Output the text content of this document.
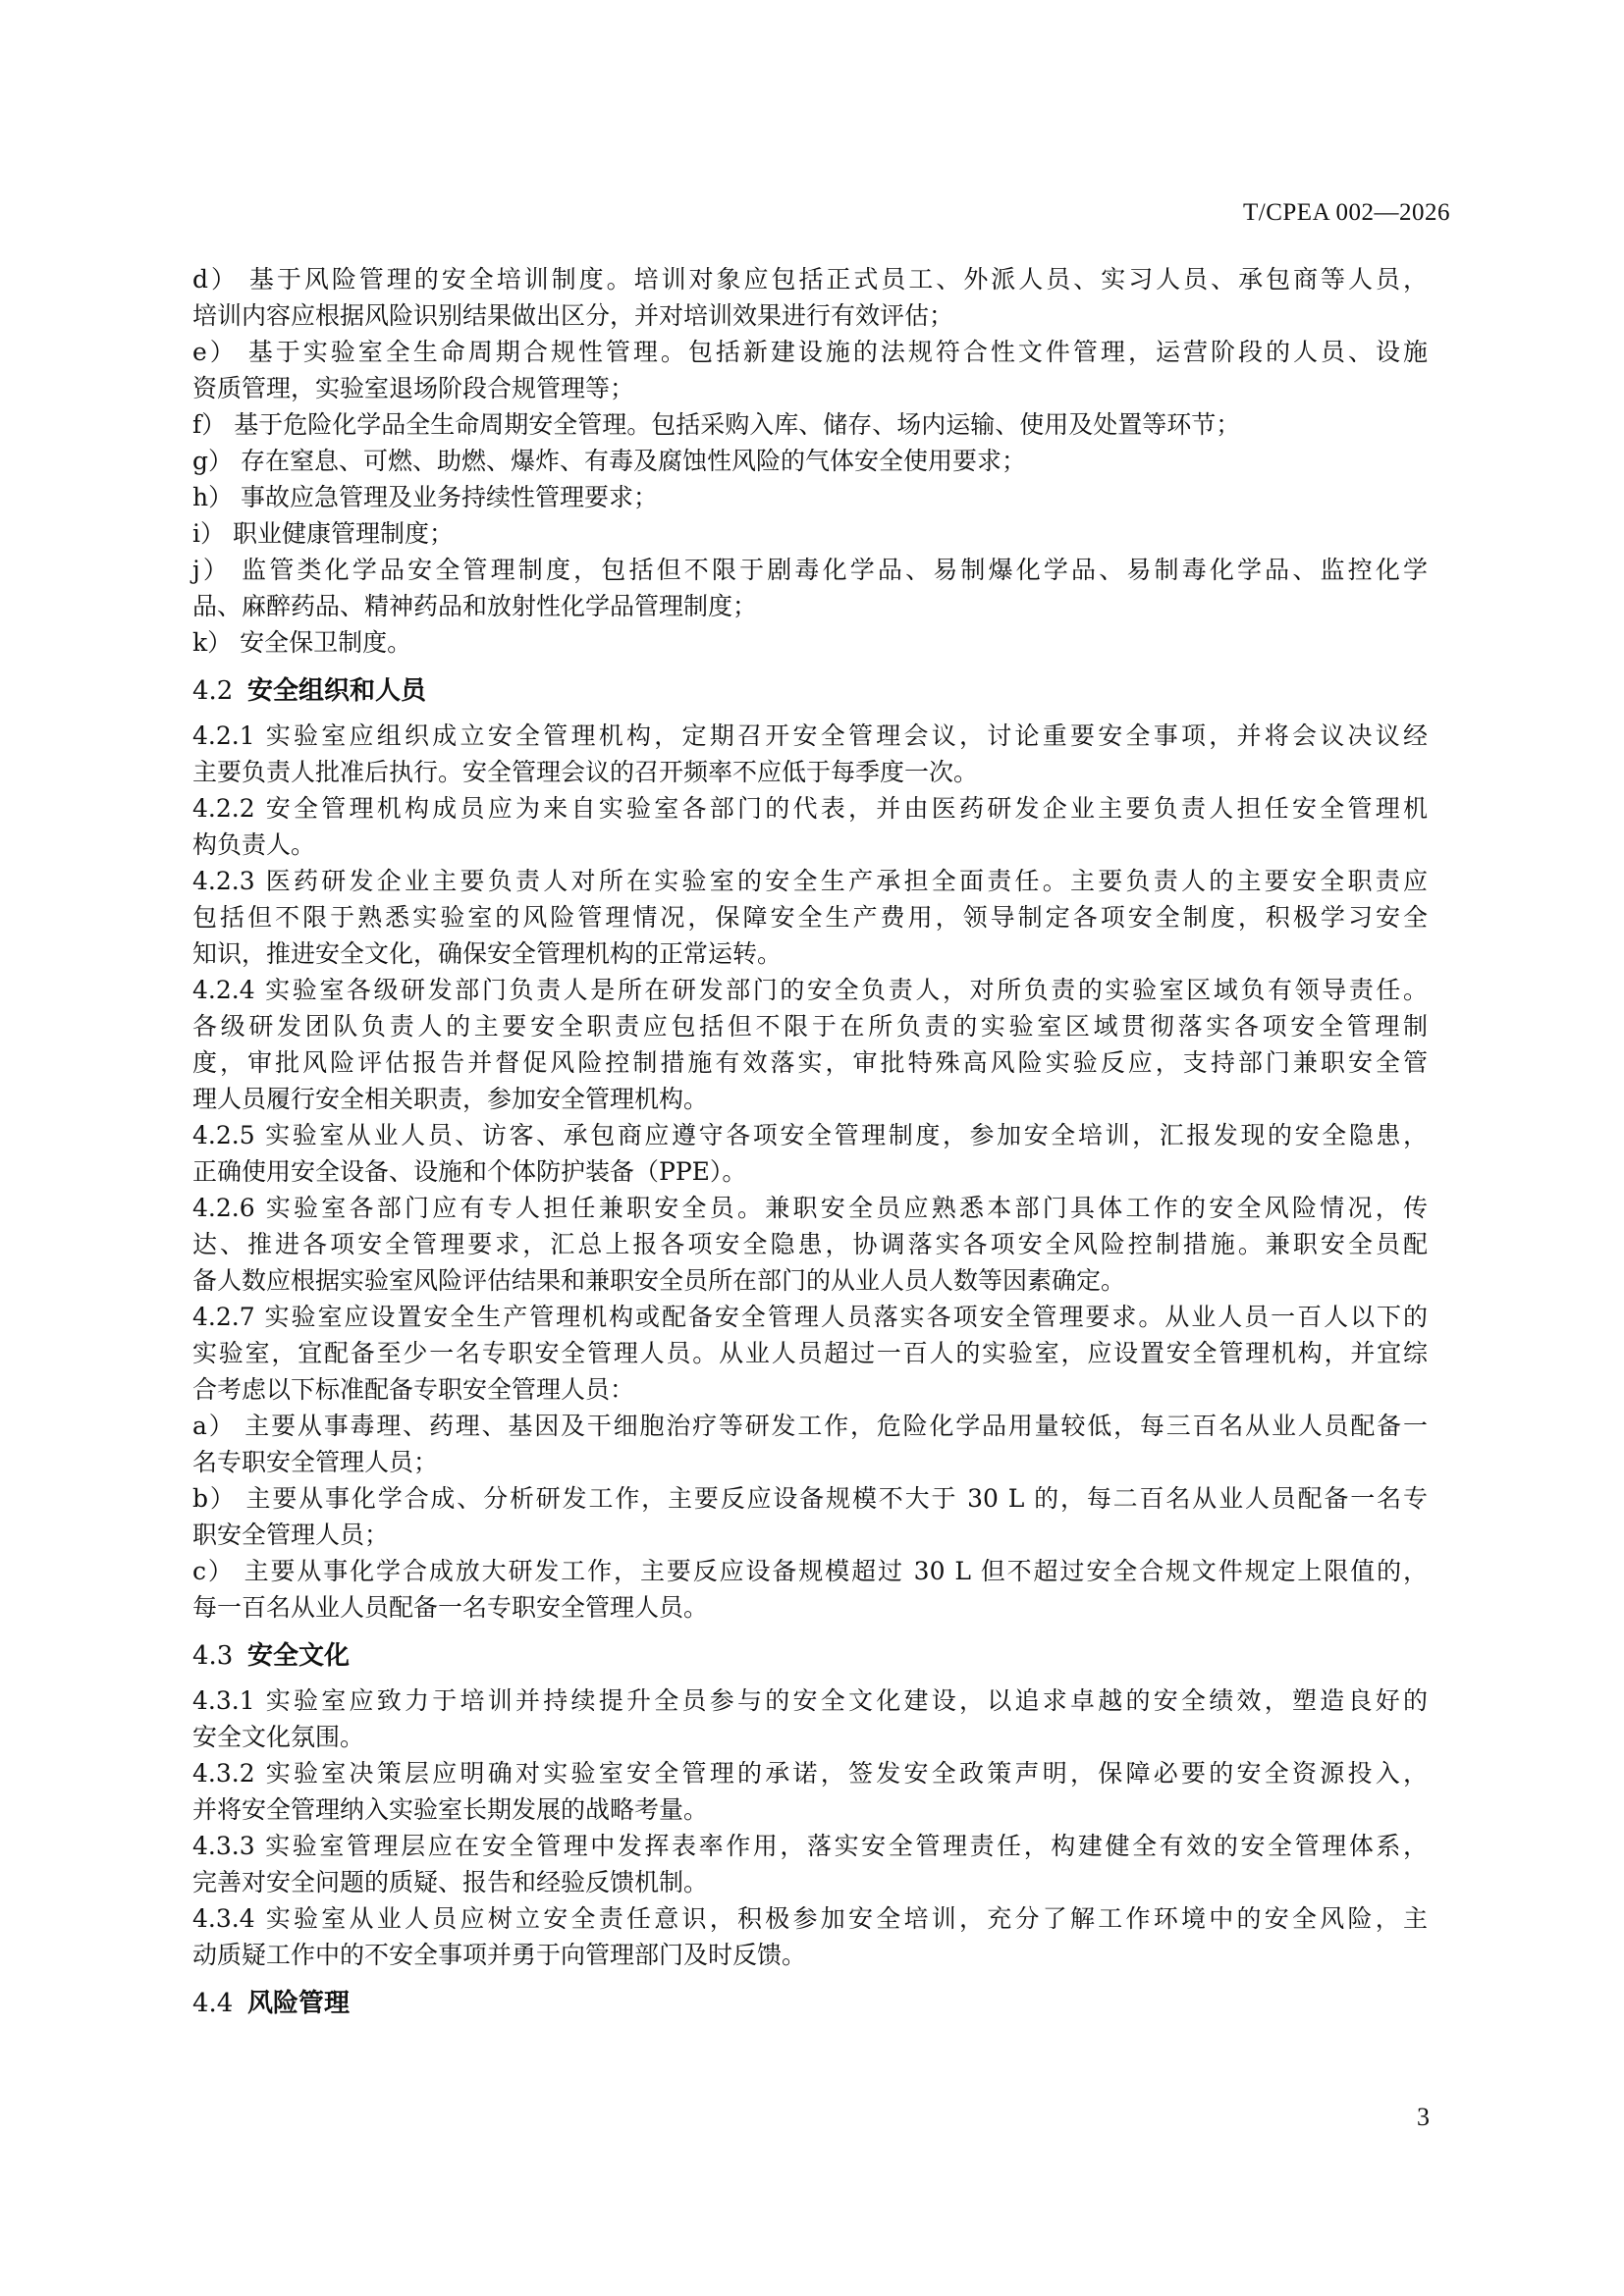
T/CPEA 002—2026

d） 基于风险管理的安全培训制度。培训对象应包括正式员工、外派人员、实习人员、承包商等人员，

培训内容应根据风险识别结果做出区分，并对培训效果进行有效评估；

e） 基于实验室全生命周期合规性管理。包括新建设施的法规符合性文件管理，运营阶段的人员、设施

资质管理，实验室退场阶段合规管理等；

f） 基于危险化学品全生命周期安全管理。包括采购入库、储存、场内运输、使用及处置等环节；

g） 存在窒息、可燃、助燃、爆炸、有毒及腐蚀性风险的气体安全使用要求；

h） 事故应急管理及业务持续性管理要求；

i） 职业健康管理制度；

j） 监管类化学品安全管理制度，包括但不限于剧毒化学品、易制爆化学品、易制毒化学品、监控化学

品、麻醉药品、精神药品和放射性化学品管理制度；

k） 安全保卫制度。

4.2 安全组织和人员

4.2.1 实验室应组织成立安全管理机构，定期召开安全管理会议，讨论重要安全事项，并将会议决议经

主要负责人批准后执行。安全管理会议的召开频率不应低于每季度一次。

4.2.2 安全管理机构成员应为来自实验室各部门的代表，并由医药研发企业主要负责人担任安全管理机

构负责人。

4.2.3 医药研发企业主要负责人对所在实验室的安全生产承担全面责任。主要负责人的主要安全职责应

包括但不限于熟悉实验室的风险管理情况，保障安全生产费用，领导制定各项安全制度，积极学习安全

知识，推进安全文化，确保安全管理机构的正常运转。

4.2.4 实验室各级研发部门负责人是所在研发部门的安全负责人，对所负责的实验室区域负有领导责任。

各级研发团队负责人的主要安全职责应包括但不限于在所负责的实验室区域贯彻落实各项安全管理制

度，审批风险评估报告并督促风险控制措施有效落实，审批特殊高风险实验反应，支持部门兼职安全管

理人员履行安全相关职责，参加安全管理机构。

4.2.5 实验室从业人员、访客、承包商应遵守各项安全管理制度，参加安全培训，汇报发现的安全隐患，

正确使用安全设备、设施和个体防护装备（PPE）。

4.2.6 实验室各部门应有专人担任兼职安全员。兼职安全员应熟悉本部门具体工作的安全风险情况，传

达、推进各项安全管理要求，汇总上报各项安全隐患，协调落实各项安全风险控制措施。兼职安全员配

备人数应根据实验室风险评估结果和兼职安全员所在部门的从业人员人数等因素确定。

4.2.7 实验室应设置安全生产管理机构或配备安全管理人员落实各项安全管理要求。从业人员一百人以下的

实验室，宜配备至少一名专职安全管理人员。从业人员超过一百人的实验室，应设置安全管理机构，并宜综

合考虑以下标准配备专职安全管理人员：

a） 主要从事毒理、药理、基因及干细胞治疗等研发工作，危险化学品用量较低，每三百名从业人员配备一

名专职安全管理人员；

b） 主要从事化学合成、分析研发工作，主要反应设备规模不大于 30 L 的，每二百名从业人员配备一名专

职安全管理人员；

c） 主要从事化学合成放大研发工作，主要反应设备规模超过 30 L 但不超过安全合规文件规定上限值的，

每一百名从业人员配备一名专职安全管理人员。

4.3 安全文化

4.3.1 实验室应致力于培训并持续提升全员参与的安全文化建设，以追求卓越的安全绩效，塑造良好的

安全文化氛围。

4.3.2 实验室决策层应明确对实验室安全管理的承诺，签发安全政策声明，保障必要的安全资源投入，

并将安全管理纳入实验室长期发展的战略考量。

4.3.3 实验室管理层应在安全管理中发挥表率作用，落实安全管理责任，构建健全有效的安全管理体系，

完善对安全问题的质疑、报告和经验反馈机制。

4.3.4 实验室从业人员应树立安全责任意识，积极参加安全培训，充分了解工作环境中的安全风险，主

动质疑工作中的不安全事项并勇于向管理部门及时反馈。

4.4 风险管理
3
